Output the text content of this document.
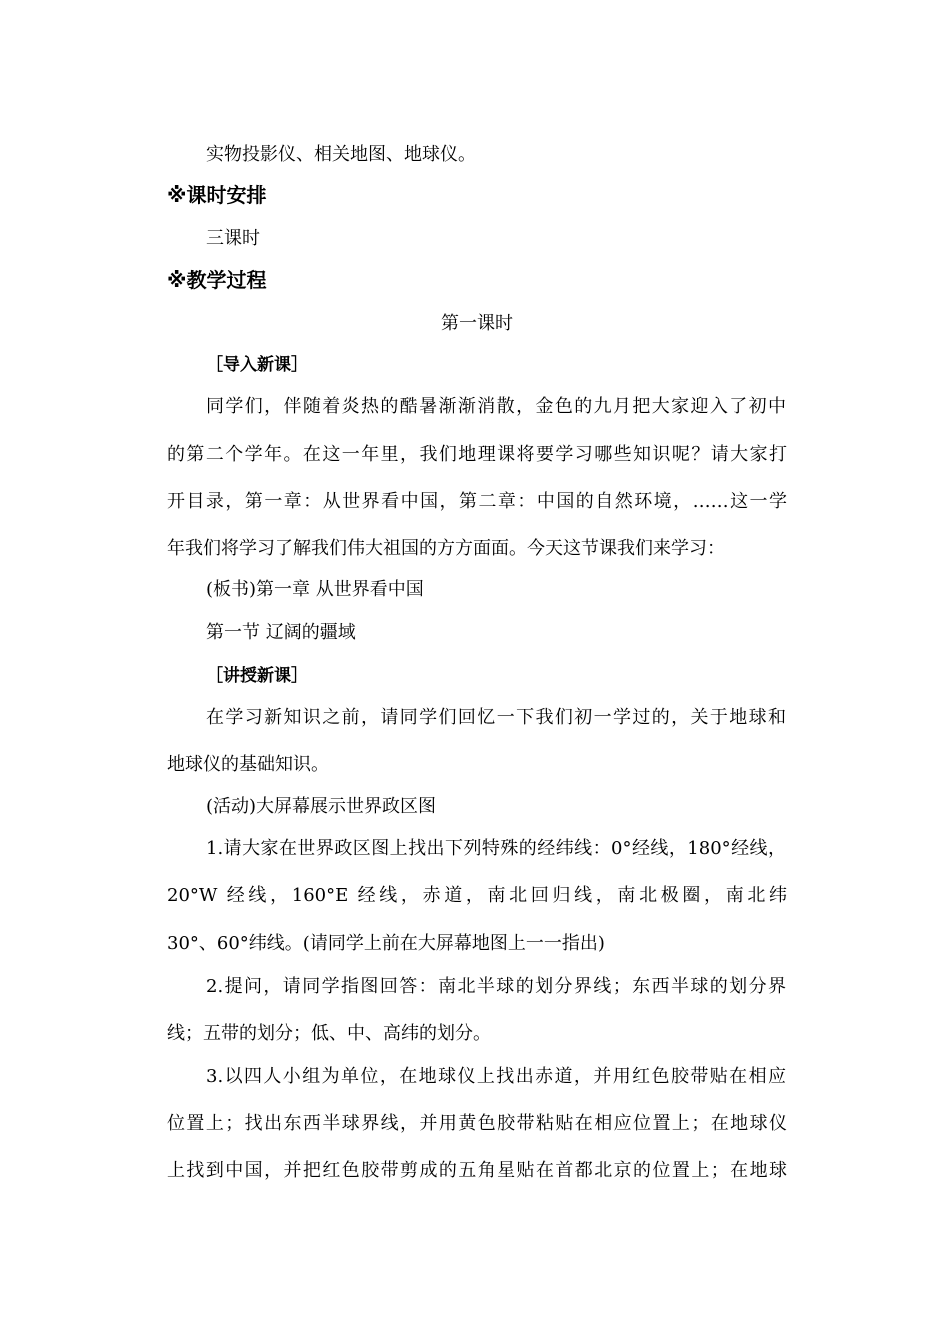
实物投影仪、相关地图、地球仪。
※课时安排
三课时
※教学过程
第一课时
［导入新课］
同学们，伴随着炎热的酷暑渐渐消散，金色的九月把大家迎入了初中
的第二个学年。在这一年里，我们地理课将要学习哪些知识呢？请大家打
开目录，第一章：从世界看中国，第二章：中国的自然环境，……这一学
年我们将学习了解我们伟大祖国的方方面面。今天这节课我们来学习：
(板书)第一章 从世界看中国
第一节 辽阔的疆域
［讲授新课］
在学习新知识之前，请同学们回忆一下我们初一学过的，关于地球和
地球仪的基础知识。
(活动)大屏幕展示世界政区图
1.请大家在世界政区图上找出下列特殊的经纬线：0°经线，180°经线，
20°W 经线，160°E 经线，赤道，南北回归线，南北极圈，南北纬
30°、60°纬线。(请同学上前在大屏幕地图上一一指出)
2.提问，请同学指图回答：南北半球的划分界线；东西半球的划分界
线；五带的划分；低、中、高纬的划分。
3.以四人小组为单位，在地球仪上找出赤道，并用红色胶带贴在相应
位置上；找出东西半球界线，并用黄色胶带粘贴在相应位置上；在地球仪
上找到中国，并把红色胶带剪成的五角星贴在首都北京的位置上；在地球
